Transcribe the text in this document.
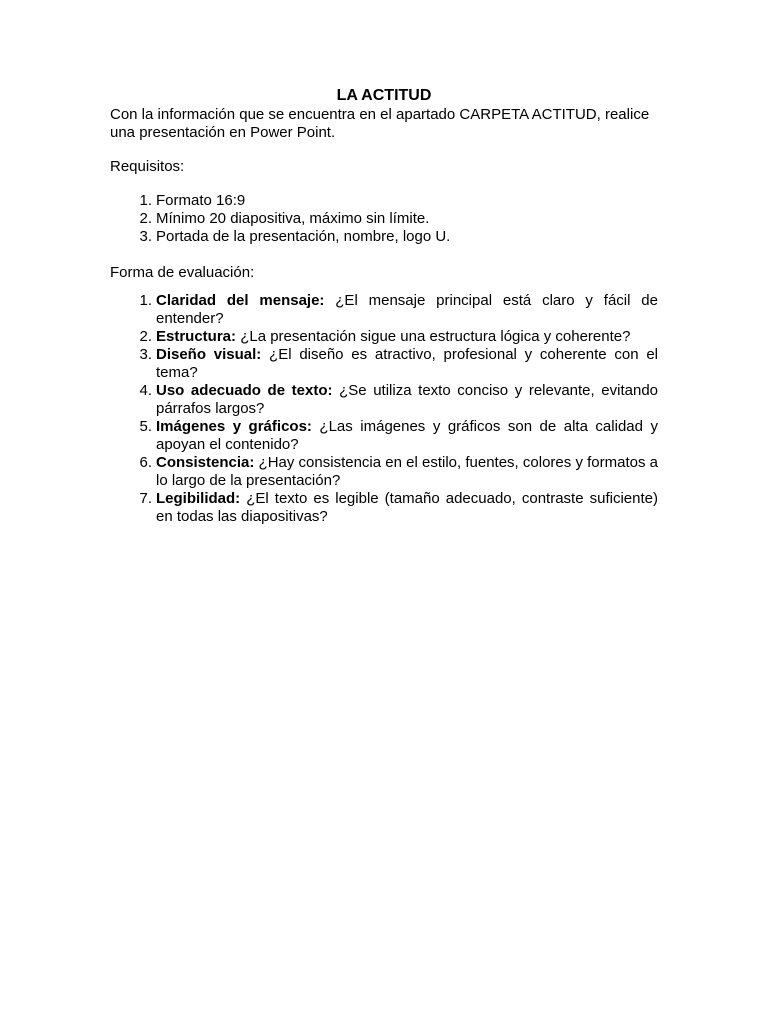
LA ACTITUD

Con la información que se encuentra en el apartado CARPETA ACTITUD, realice una presentación en Power Point.

Requisitos:

1. Formato 16:9
2. Mínimo 20 diapositiva, máximo sin límite.
3. Portada de la presentación, nombre, logo U.

Forma de evaluación:

1. Claridad del mensaje: ¿El mensaje principal está claro y fácil de entender?
2. Estructura: ¿La presentación sigue una estructura lógica y coherente?
3. Diseño visual: ¿El diseño es atractivo, profesional y coherente con el tema?
4. Uso adecuado de texto: ¿Se utiliza texto conciso y relevante, evitando párrafos largos?
5. Imágenes y gráficos: ¿Las imágenes y gráficos son de alta calidad y apoyan el contenido?
6. Consistencia: ¿Hay consistencia en el estilo, fuentes, colores y formatos a lo largo de la presentación?
7. Legibilidad: ¿El texto es legible (tamaño adecuado, contraste suficiente) en todas las diapositivas?
